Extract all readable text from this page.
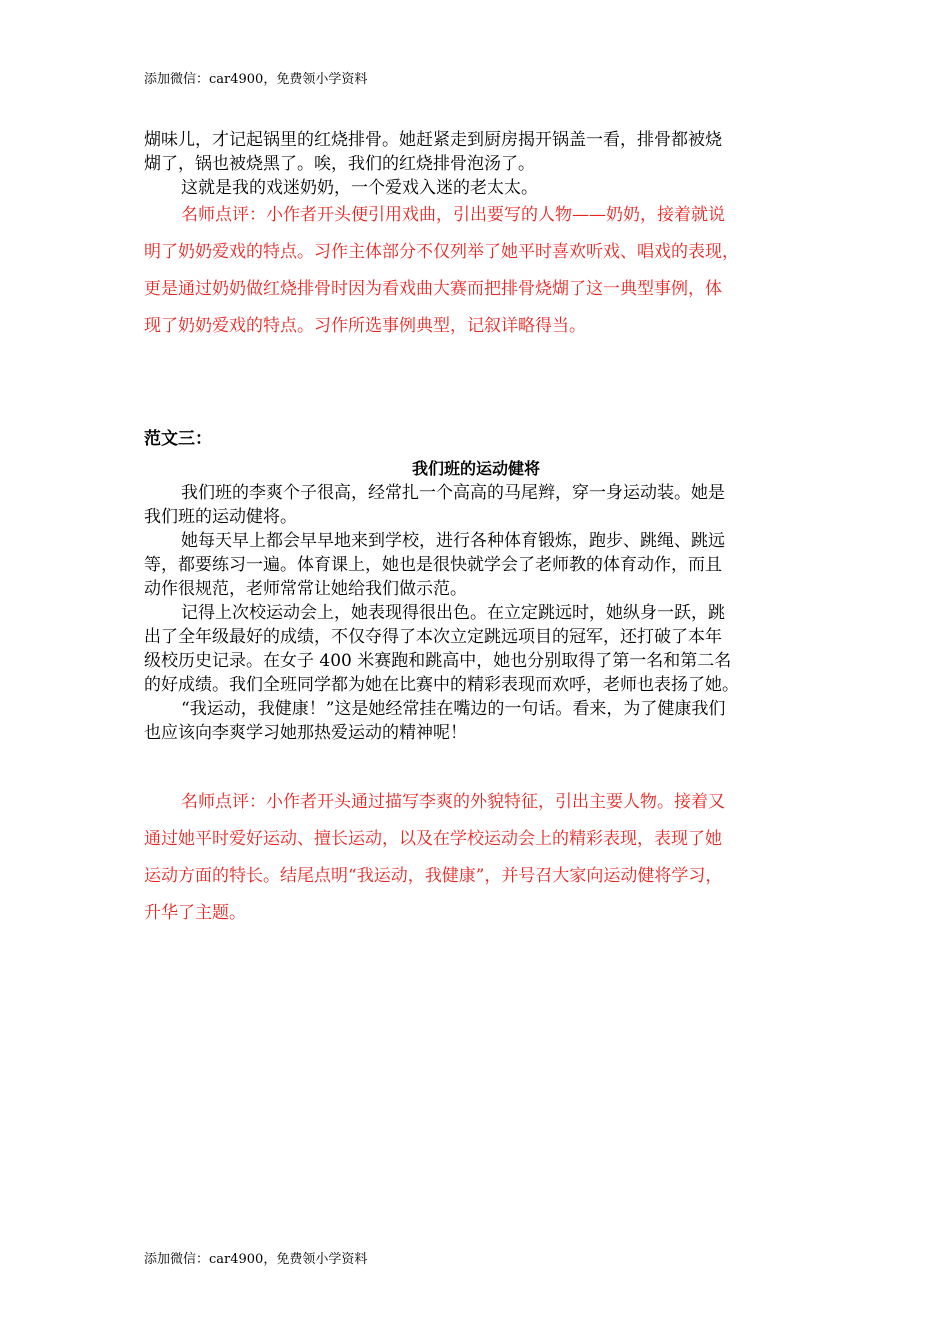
添加微信：car4900，免费领小学资料
煳味儿，才记起锅里的红烧排骨。她赶紧走到厨房揭开锅盖一看，排骨都被烧
煳了，锅也被烧黑了。唉，我们的红烧排骨泡汤了。
这就是我的戏迷奶奶，一个爱戏入迷的老太太。
名师点评：小作者开头便引用戏曲，引出要写的人物——奶奶，接着就说
明了奶奶爱戏的特点。习作主体部分不仅列举了她平时喜欢听戏、唱戏的表现，
更是通过奶奶做红烧排骨时因为看戏曲大赛而把排骨烧煳了这一典型事例，体
现了奶奶爱戏的特点。习作所选事例典型，记叙详略得当。
范文三：
我们班的运动健将
我们班的李爽个子很高，经常扎一个高高的马尾辫，穿一身运动装。她是
我们班的运动健将。
她每天早上都会早早地来到学校，进行各种体育锻炼，跑步、跳绳、跳远
等，都要练习一遍。体育课上，她也是很快就学会了老师教的体育动作，而且
动作很规范，老师常常让她给我们做示范。
记得上次校运动会上，她表现得很出色。在立定跳远时，她纵身一跃，跳
出了全年级最好的成绩，不仅夺得了本次立定跳远项目的冠军，还打破了本年
级校历史记录。在女子 400 米赛跑和跳高中，她也分别取得了第一名和第二名
的好成绩。我们全班同学都为她在比赛中的精彩表现而欢呼，老师也表扬了她。
“我运动，我健康！”这是她经常挂在嘴边的一句话。看来，为了健康我们
也应该向李爽学习她那热爱运动的精神呢！
名师点评：小作者开头通过描写李爽的外貌特征，引出主要人物。接着又
通过她平时爱好运动、擅长运动，以及在学校运动会上的精彩表现，表现了她
运动方面的特长。结尾点明“我运动，我健康”，并号召大家向运动健将学习，
升华了主题。
添加微信：car4900，免费领小学资料
